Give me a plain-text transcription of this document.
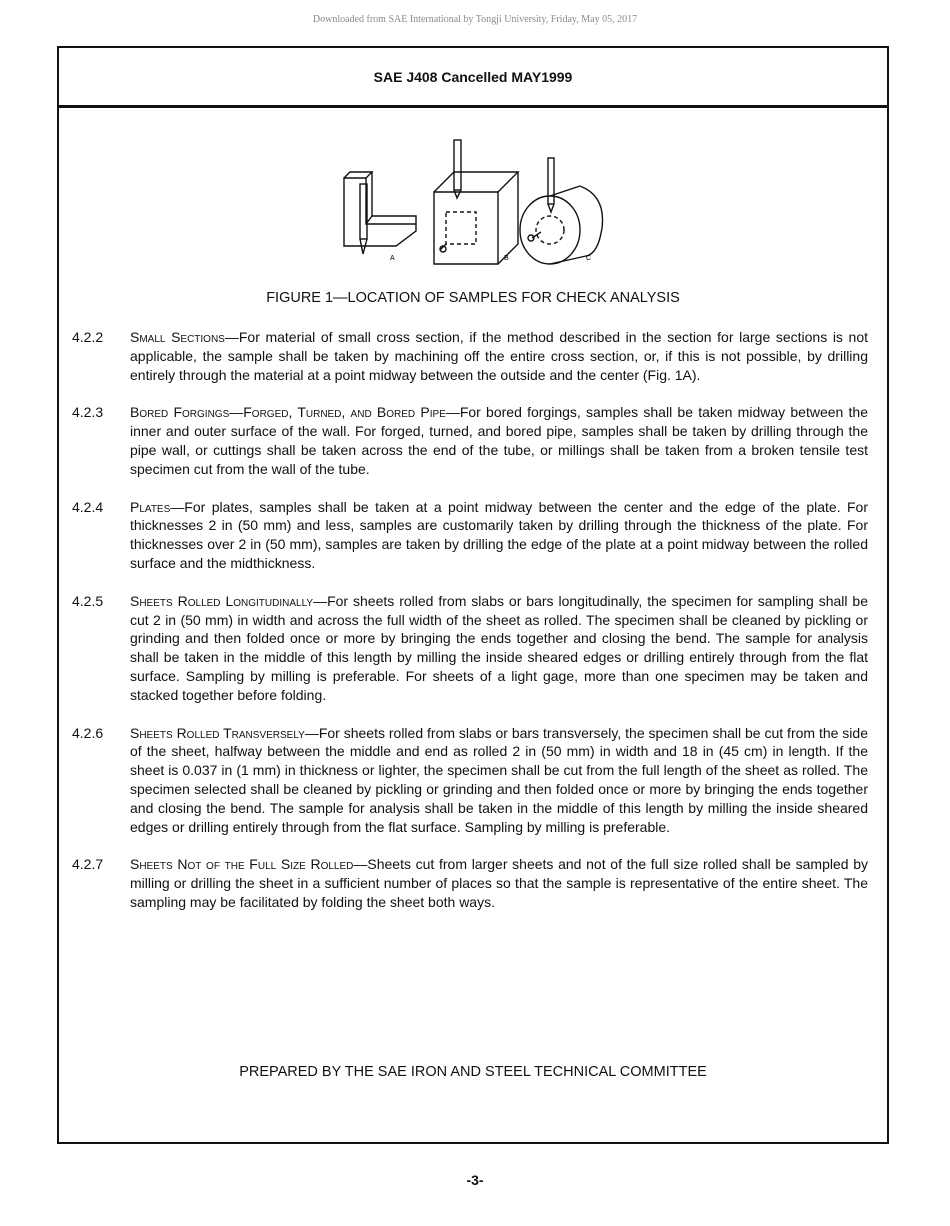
Downloaded from SAE International by Tongji University, Friday, May 05, 2017
SAE J408 Cancelled MAY1999
A	B	C
FIGURE 1—LOCATION OF SAMPLES FOR CHECK ANALYSIS
4.2.2	Small Sections—For material of small cross section, if the method described in the section for large sections is not applicable, the sample shall be taken by machining off the entire cross section, or, if this is not possible, by drilling entirely through the material at a point midway between the outside and the center (Fig. 1A).
4.2.3	Bored Forgings—Forged, Turned, and Bored Pipe—For bored forgings, samples shall be taken midway between the inner and outer surface of the wall. For forged, turned, and bored pipe, samples shall be taken by drilling through the pipe wall, or cuttings shall be taken across the end of the tube, or millings shall be taken from a broken tensile test specimen cut from the wall of the tube.
4.2.4	Plates—For plates, samples shall be taken at a point midway between the center and the edge of the plate. For thicknesses 2 in (50 mm) and less, samples are customarily taken by drilling through the thickness of the plate. For thicknesses over 2 in (50 mm), samples are taken by drilling the edge of the plate at a point midway between the rolled surface and the midthickness.
4.2.5	Sheets Rolled Longitudinally—For sheets rolled from slabs or bars longitudinally, the specimen for sampling shall be cut 2 in (50 mm) in width and across the full width of the sheet as rolled. The specimen shall be cleaned by pickling or grinding and then folded once or more by bringing the ends together and closing the bend. The sample for analysis shall be taken in the middle of this length by milling the inside sheared edges or drilling entirely through from the flat surface. Sampling by milling is preferable. For sheets of a light gage, more than one specimen may be taken and stacked together before folding.
4.2.6	Sheets Rolled Transversely—For sheets rolled from slabs or bars transversely, the specimen shall be cut from the side of the sheet, halfway between the middle and end as rolled 2 in (50 mm) in width and 18 in (45 cm) in length. If the sheet is 0.037 in (1 mm) in thickness or lighter, the specimen shall be cut from the full length of the sheet as rolled. The specimen selected shall be cleaned by pickling or grinding and then folded once or more by bringing the ends together and closing the bend. The sample for analysis shall be taken in the middle of this length by milling the inside sheared edges or drilling entirely through from the flat surface. Sampling by milling is preferable.
4.2.7	Sheets Not of the Full Size Rolled—Sheets cut from larger sheets and not of the full size rolled shall be sampled by milling or drilling the sheet in a sufficient number of places so that the sample is representative of the entire sheet. The sampling may be facilitated by folding the sheet both ways.
PREPARED BY THE SAE IRON AND STEEL TECHNICAL COMMITTEE
-3-
